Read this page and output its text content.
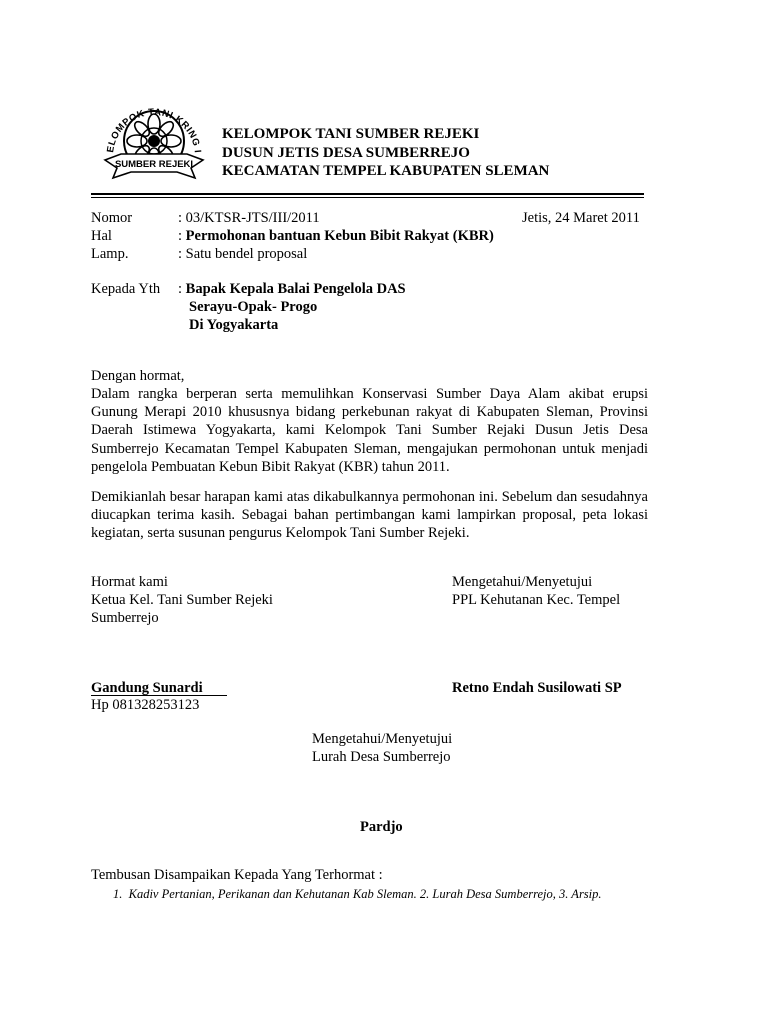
ELOMPOK TANI KRING I
SUMBER REJEKI
KELOMPOK TANI SUMBER REJEKI
DUSUN JETIS DESA SUMBERREJO
KECAMATAN TEMPEL KABUPATEN SLEMAN
Nomor	: 03/KTSR-JTS/III/2011	Jetis, 24 Maret 2011
Hal	: Permohonan bantuan Kebun Bibit Rakyat (KBR)
Lamp.	: Satu bendel proposal
Kepada Yth : Bapak Kepala Balai Pengelola DAS
Serayu-Opak- Progo
Di Yogyakarta
Dengan hormat,

Dalam rangka berperan serta memulihkan Konservasi Sumber Daya Alam akibat erupsi Gunung Merapi 2010 khususnya bidang perkebunan rakyat di Kabupaten Sleman, Provinsi Daerah Istimewa Yogyakarta, kami Kelompok Tani Sumber Rejaki Dusun Jetis Desa Sumberrejo Kecamatan Tempel Kabupaten Sleman, mengajukan permohonan untuk menjadi pengelola Pembuatan Kebun Bibit Rakyat (KBR) tahun 2011.

Demikianlah besar harapan kami atas dikabulkannya permohonan ini. Sebelum dan sesudahnya diucapkan terima kasih. Sebagai bahan pertimbangan kami lampirkan proposal, peta lokasi kegiatan, serta susunan pengurus Kelompok Tani Sumber Rejeki.

Hormat kami
Ketua Kel. Tani Sumber Rejeki
Sumberrejo
Mengetahui/Menyetujui
PPL Kehutanan Kec. Tempel
Gandung Sunardi
Hp 081328253123
Retno Endah Susilowati SP
Mengetahui/Menyetujui
Lurah Desa Sumberrejo
Pardjo
Tembusan Disampaikan Kepada Yang Terhormat :
1. Kadiv Pertanian, Perikanan dan Kehutanan Kab Sleman. 2. Lurah Desa Sumberrejo, 3. Arsip.
